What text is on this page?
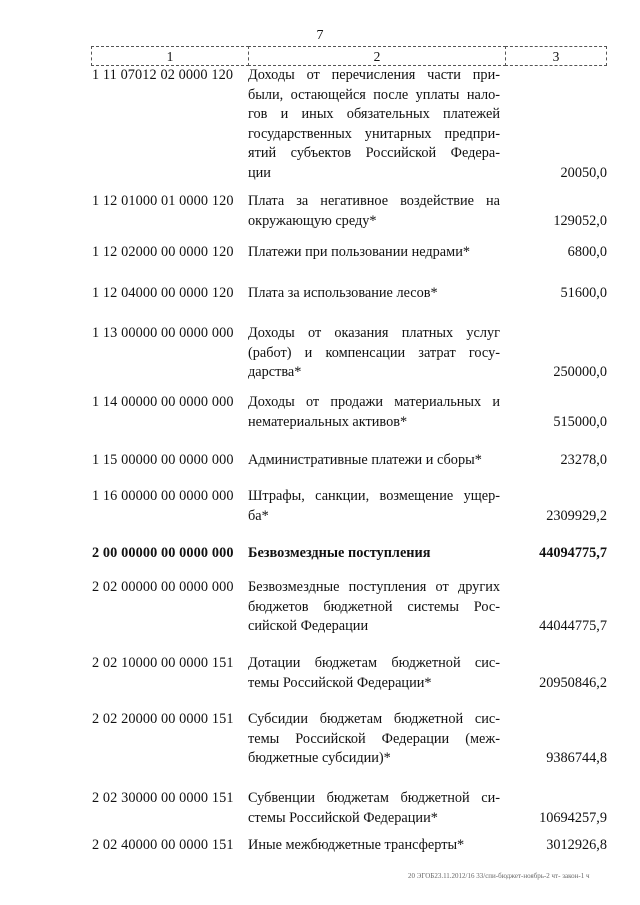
7
1	2	3
1 11 07012 02 0000 120	Доходы от перечисления части при-
были, остающейся после уплаты нало-
гов и иных обязательных платежей
государственных унитарных предпри-
ятий субъектов Российской Федера-
ции	20050,0
1 12 01000 01 0000 120	Плата за негативное воздействие на
окружающую среду*	129052,0
1 12 02000 00 0000 120	Платежи при пользовании недрами*	6800,0
1 12 04000 00 0000 120	Плата за использование лесов*	51600,0
1 13 00000 00 0000 000	Доходы от оказания платных услуг
(работ) и компенсации затрат госу-
дарства*	250000,0
1 14 00000 00 0000 000	Доходы от продажи материальных и
нематериальных активов*	515000,0
1 15 00000 00 0000 000	Административные платежи и сборы*	23278,0
1 16 00000 00 0000 000	Штрафы, санкции, возмещение ущер-
ба*	2309929,2
2 00 00000 00 0000 000	Безвозмездные поступления	44094775,7
2 02 00000 00 0000 000	Безвозмездные поступления от других
бюджетов бюджетной системы Рос-
сийской Федерации	44044775,7
2 02 10000 00 0000 151	Дотации бюджетам бюджетной сис-
темы Российской Федерации*	20950846,2
2 02 20000 00 0000 151	Субсидии бюджетам бюджетной сис-
темы Российской Федерации (меж-
бюджетные субсидии)*	9386744,8
2 02 30000 00 0000 151	Субвенции бюджетам бюджетной си-
стемы Российской Федерации*	10694257,9
2 02 40000 00 0000 151	Иные межбюджетные трансферты*	3012926,8
20 ЭГОБ23.11.2012/16 33/спи-бюджет-ноябрь-2 чт- закон-1 ч
